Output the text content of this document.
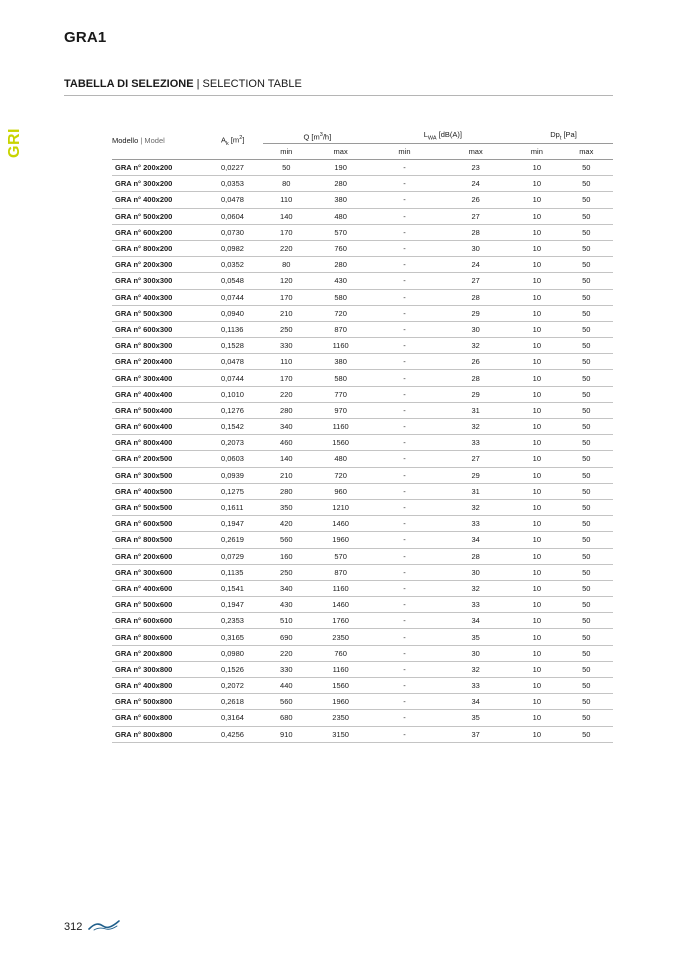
GRA1
TABELLA DI SELEZIONE | SELECTION TABLE
GRI	Modello | Model	$A_k$ $[m^2]$	Q $[m^3/h]$		$L_{WA}$ [dB(A)]		$Dp_t$ [Pa]	
		min	max	min	max	min	max
GRA n° 200x200	0,0227	50	190	-	23	10	50
GRA n° 300x200	0,0353	80	280	-	24	10	50
GRA n° 400x200	0,0478	110	380	-	26	10	50
GRA n° 500x200	0,0604	140	480	-	27	10	50
GRA n° 600x200	0,0730	170	570	-	28	10	50
GRA n° 800x200	0,0982	220	760	-	30	10	50
GRA n° 200x300	0,0352	80	280	-	24	10	50
GRA n° 300x300	0,0548	120	430	-	27	10	50
GRA n° 400x300	0,0744	170	580	-	28	10	50
GRA n° 500x300	0,0940	210	720	-	29	10	50
GRA n° 600x300	0,1136	250	870	-	30	10	50
GRA n° 800x300	0,1528	330	1160	-	32	10	50
GRA n° 200x400	0,0478	110	380	-	26	10	50
GRA n° 300x400	0,0744	170	580	-	28	10	50
GRA n° 400x400	0,1010	220	770	-	29	10	50
GRA n° 500x400	0,1276	280	970	-	31	10	50
GRA n° 600x400	0,1542	340	1160	-	32	10	50
GRA n° 800x400	0,2073	460	1560	-	33	10	50
GRA n° 200x500	0,0603	140	480	-	27	10	50
GRA n° 300x500	0,0939	210	720	-	29	10	50
GRA n° 400x500	0,1275	280	960	-	31	10	50
GRA n° 500x500	0,1611	350	1210	-	32	10	50
GRA n° 600x500	0,1947	420	1460	-	33	10	50
GRA n° 800x500	0,2619	560	1960	-	34	10	50
GRA n° 200x600	0,0729	160	570	-	28	10	50
GRA n° 300x600	0,1135	250	870	-	30	10	50
GRA n° 400x600	0,1541	340	1160	-	32	10	50
GRA n° 500x600	0,1947	430	1460	-	33	10	50
GRA n° 600x600	0,2353	510	1760	-	34	10	50
GRA n° 800x600	0,3165	690	2350	-	35	10	50
GRA n° 200x800	0,0980	220	760	-	30	10	50
GRA n° 300x800	0,1526	330	1160	-	32	10	50
GRA n° 400x800	0,2072	440	1560	-	33	10	50
GRA n° 500x800	0,2618	560	1960	-	34	10	50
GRA n° 600x800	0,3164	680	2350	-	35	10	50
GRA n° 800x800	0,4256	910	3150	-	37	10	50
312
